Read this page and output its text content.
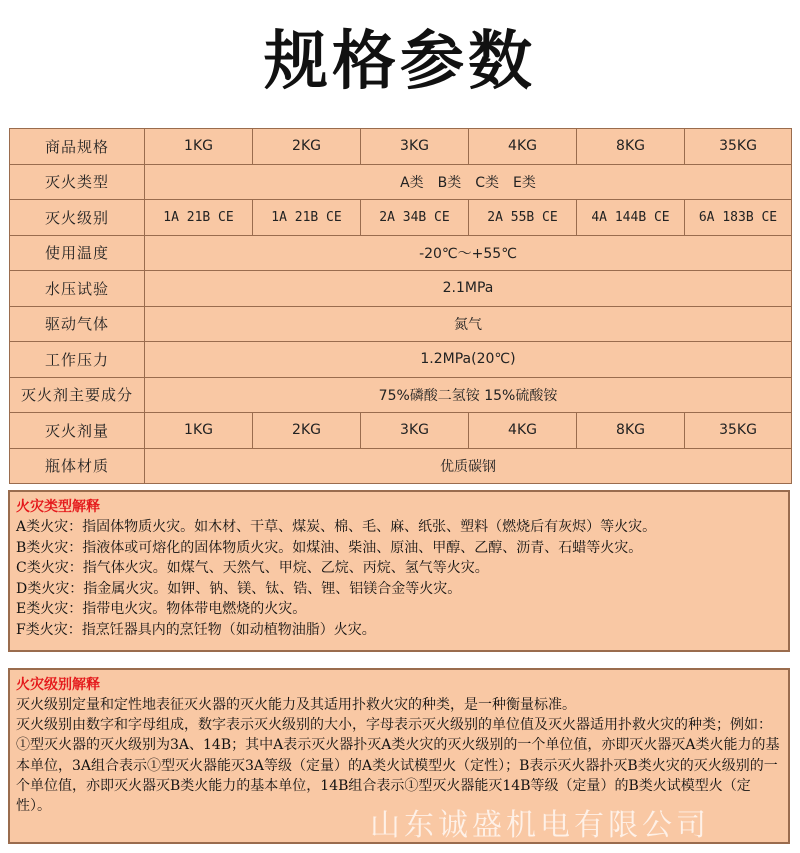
规格参数
商品规格	1KG	2KG	3KG	4KG	8KG	35KG
灭火类型	A类　B类　C类　E类					
灭火级别	1A 21B CE	1A 21B CE	2A 34B CE	2A 55B CE	4A 144B CE	6A 183B CE
使用温度	-20℃～+55℃					
水压试验	2.1MPa					
驱动气体	氮气					
工作压力	1.2MPa(20℃)					
灭火剂主要成分	75%磷酸二氢铵 15%硫酸铵					
灭火剂量	1KG	2KG	3KG	4KG	8KG	35KG
瓶体材质	优质碳钢					
火灾类型解释
A类火灾：指固体物质火灾。如木材、干草、煤炭、棉、毛、麻、纸张、塑料（燃烧后有灰烬）等火灾。
B类火灾：指液体或可熔化的固体物质火灾。如煤油、柴油、原油、甲醇、乙醇、沥青、石蜡等火灾。
C类火灾：指气体火灾。如煤气、天然气、甲烷、乙烷、丙烷、氢气等火灾。
D类火灾：指金属火灾。如钾、钠、镁、钛、锆、锂、铝镁合金等火灾。
E类火灾：指带电火灾。物体带电燃烧的火灾。
F类火灾：指烹饪器具内的烹饪物（如动植物油脂）火灾。
火灾级别解释
灭火级别定量和定性地表征灭火器的灭火能力及其适用扑救火灾的种类，是一种衡量标准。
灭火级别由数字和字母组成，数字表示灭火级别的大小，字母表示灭火级别的单位值及灭火器适用扑救火灾的种类；例如：①型灭火器的灭火级别为3A、14B；其中A表示灭火器扑灭A类火灾的灭火级别的一个单位值，亦即灭火器灭A类火能力的基本单位，3A组合表示①型灭火器能灭3A等级（定量）的A类火试模型火（定性）；B表示灭火器扑灭B类火灾的灭火级别的一个单位值，亦即灭火器灭B类火能力的基本单位，14B组合表示①型灭火器能灭14B等级（定量）的B类火试模型火（定性）。
山东诚盛机电有限公司
